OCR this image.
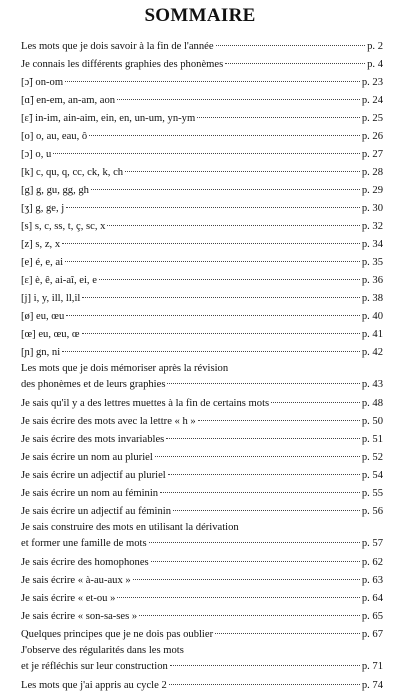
SOMMAIRE
Les mots que je dois savoir à la fin de l'année	p. 2
Je connais les différents graphies des phonèmes	p. 4
[ɔ̃] on-om	p. 23
[ɑ̃] en-em, an-am, aon	p. 24
[ɛ̃] in-im, ain-aim, ein, en, un-um, yn-ym	p. 25
[o] o, au, eau, ô	p. 26
[ɔ] o, u	p. 27
[k] c, qu, q, cc, ck, k, ch	p. 28
[g] g, gu, gg, gh	p. 29
[ʒ] g, ge, j	p. 30
[s] s, c, ss, t, ç, sc, x	p. 32
[z] s, z, x	p. 34
[e] é, e, ai	p. 35
[ɛ] è, ê, ai-aî, ei, e	p. 36
[j] i, y, ill, ll,il	p. 38
[ø] eu, œu	p. 40
[œ] eu, œu, œ	p. 41
[ɲ] gn, ni	p. 42
Les mots que je dois mémoriser après la révision
des phonèmes et de leurs graphies	p. 43
Je sais qu'il y a des lettres muettes à la fin de certains mots	p. 48
Je sais écrire des mots avec la lettre « h »	p. 50
Je sais écrire des mots invariables	p. 51
Je sais écrire un nom au pluriel	p. 52
Je sais écrire un adjectif au pluriel	p. 54
Je sais écrire un nom au féminin	p. 55
Je sais écrire un adjectif au féminin	p. 56
Je sais construire des mots en utilisant la dérivation
et former une famille de mots	p. 57
Je sais écrire des homophones	p. 62
Je sais écrire « à-au-aux »	p. 63
Je sais écrire « et-ou »	p. 64
Je sais écrire « son-sa-ses »	p. 65
Quelques principes que je ne dois pas oublier	p. 67
J'observe des régularités dans les mots
et je réfléchis sur leur construction	p. 71
Les mots que j'ai appris au cycle 2	p. 74
